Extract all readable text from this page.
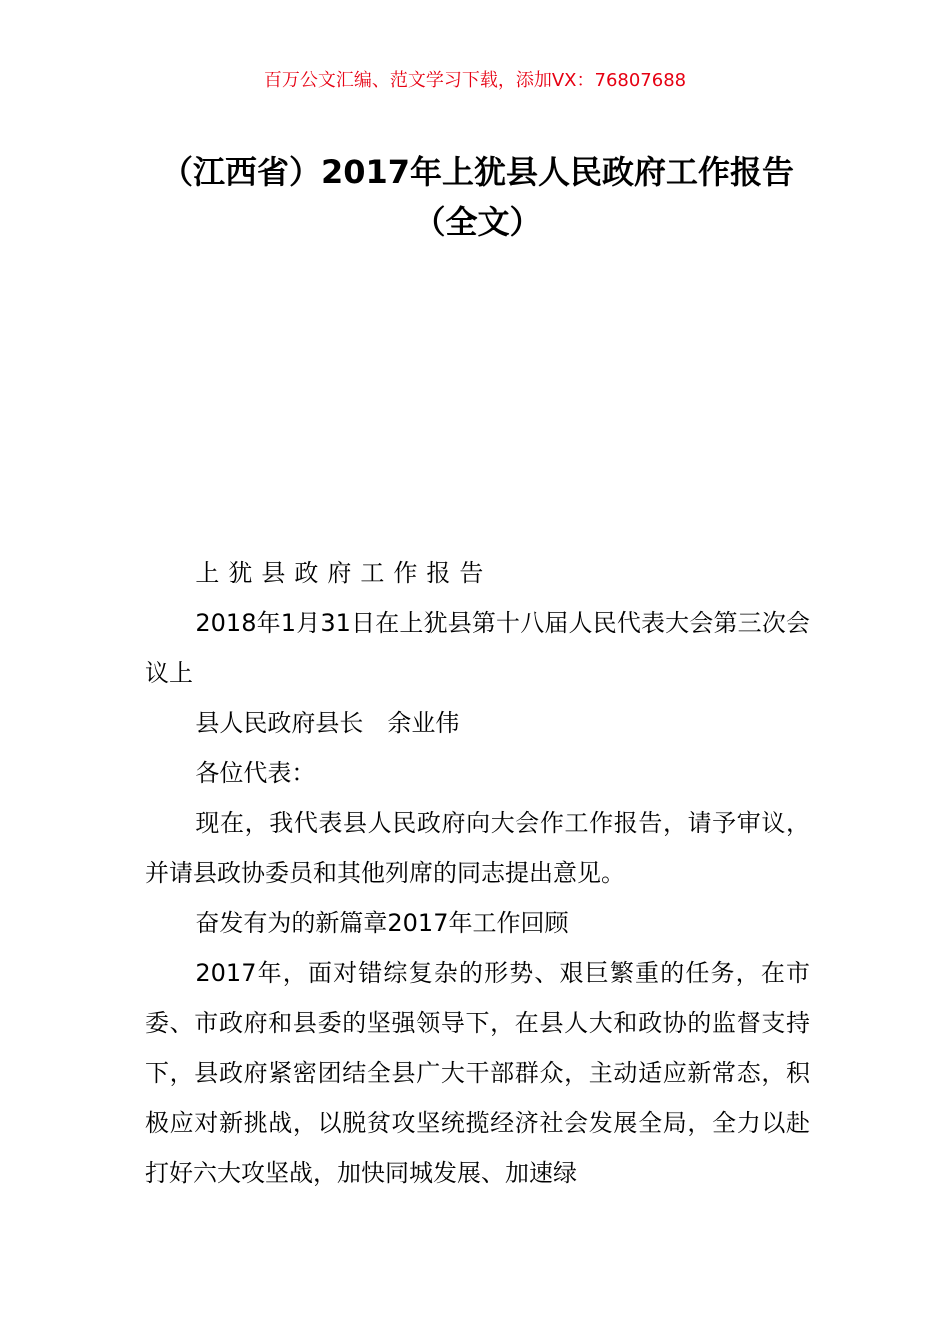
百万公文汇编、范文学习下载，添加VX：76807688
（江西省）2017年上犹县人民政府工作报告（全文）

上犹县政府工作报告

2018年1月31日在上犹县第十八届人民代表大会第三次会议上

县人民政府县长　余业伟

各位代表：

现在，我代表县人民政府向大会作工作报告，请予审议，并请县政协委员和其他列席的同志提出意见。

奋发有为的新篇章2017年工作回顾

2017年，面对错综复杂的形势、艰巨繁重的任务，在市委、市政府和县委的坚强领导下，在县人大和政协的监督支持下，县政府紧密团结全县广大干部群众，主动适应新常态，积极应对新挑战，以脱贫攻坚统揽经济社会发展全局，全力以赴打好六大攻坚战，加快同城发展、加速绿
